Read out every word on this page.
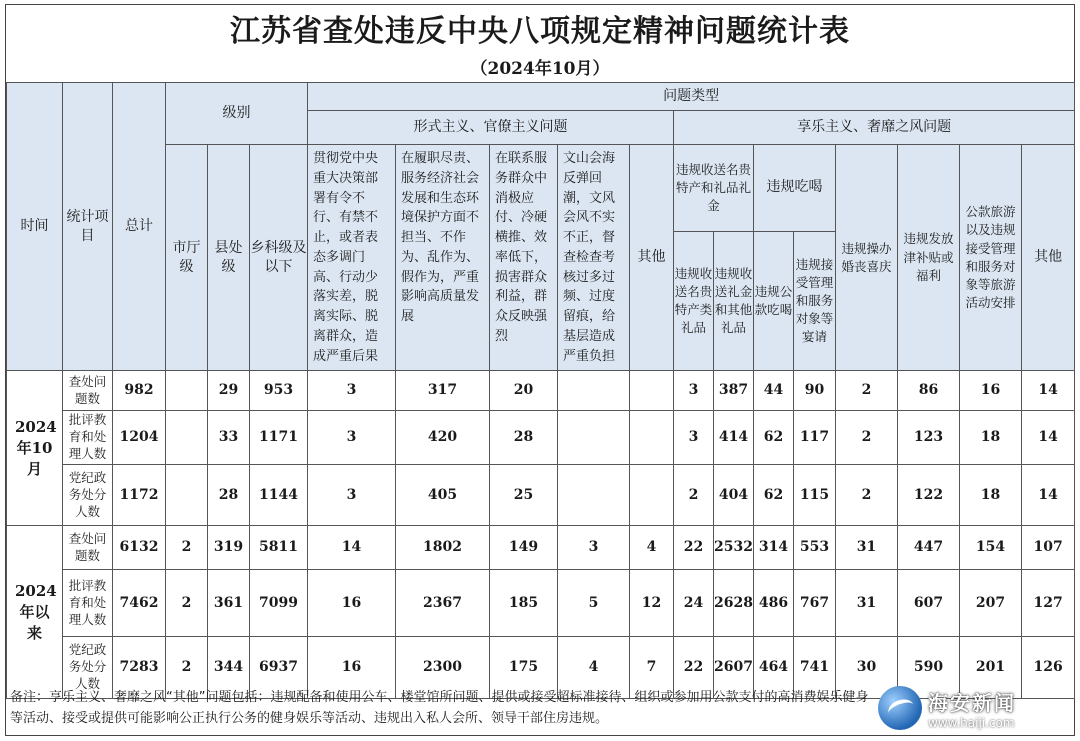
江苏省查处违反中央八项规定精神问题统计表
（2024年10月）
时间	统计项目	总计	级别			问题类型												
						形式主义、官僚主义问题					享乐主义、奢靡之风问题							
			市厅级	县处级	乡科级及以下	贯彻党中央重大决策部署有令不行、有禁不止，或者表态多调门高、行动少落实差，脱离实际、脱离群众，造成严重后果	在履职尽责、服务经济社会发展和生态环境保护方面不担当、不作为、乱作为、假作为，严重影响高质量发展	在联系服务群众中消极应付、冷硬横推、效率低下，损害群众利益，群众反映强烈	文山会海反弹回潮，文风会风不实不正，督查检查考核过多过频、过度留痕，给基层造成严重负担	其他	违规收送名贵特产和礼品礼金		违规吃喝		违规操办婚丧喜庆	违规发放津补贴或福利	公款旅游以及违规接受管理和服务对象等旅游活动安排	其他
											违规收送名贵特产类礼品	违规收送礼金和其他礼品	违规公款吃喝	违规接受管理和服务对象等宴请				
2024年10月	查处问题数	982		29	953	3	317	20			3	387	44	90	2	86	16	14
	批评教育和处理人数	1204		33	1171	3	420	28			3	414	62	117	2	123	18	14
	党纪政务处分人数	1172		28	1144	3	405	25			2	404	62	115	2	122	18	14
2024年以来	查处问题数	6132	2	319	5811	14	1802	149	3	4	22	2532	314	553	31	447	154	107
	批评教育和处理人数	7462	2	361	7099	16	2367	185	5	12	24	2628	486	767	31	607	207	127
	党纪政务处分人数	7283	2	344	6937	16	2300	175	4	7	22	2607	464	741	30	590	201	126
备注：享乐主义、奢靡之风“其他”问题包括：违规配备和使用公车、楼堂馆所问题、提供或接受超标准接待、组织或参加用公款支付的高消费娱乐健身等活动、接受或提供可能影响公正执行公务的健身娱乐等活动、违规出入私人会所、领导干部住房违规。
海安新闻
www.haiji.com
